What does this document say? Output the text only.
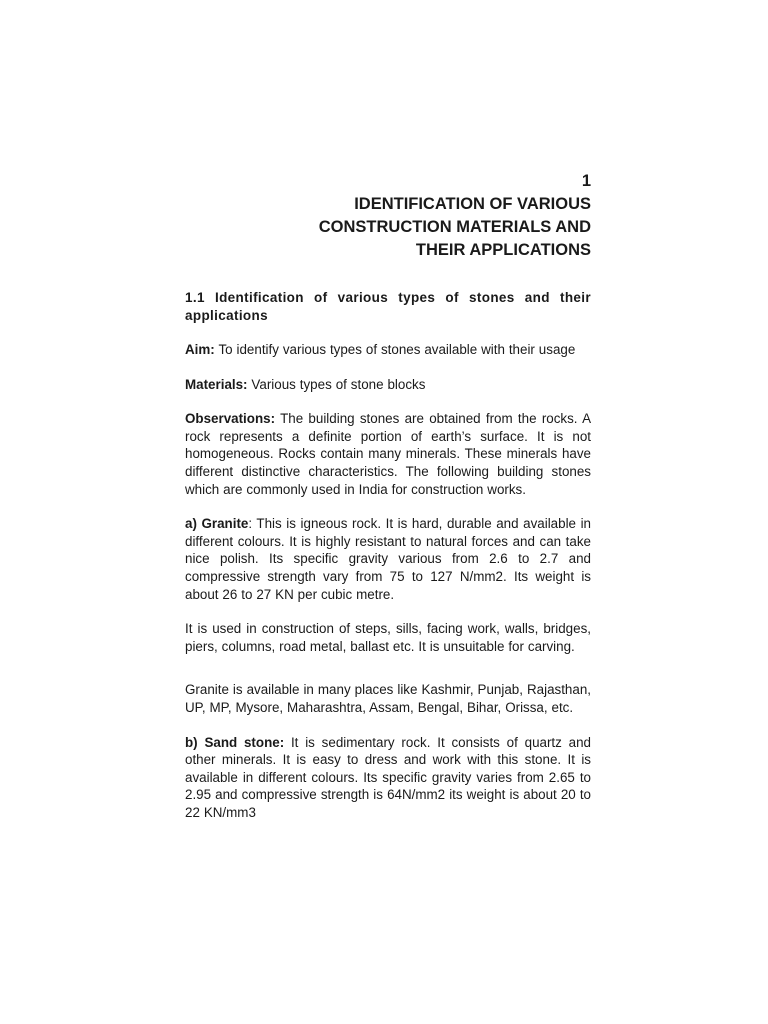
1
IDENTIFICATION OF VARIOUS
CONSTRUCTION MATERIALS AND
THEIR APPLICATIONS
1.1 Identification of various types of stones and their applications

Aim: To identify various types of stones available with their usage

Materials: Various types of stone blocks

Observations: The building stones are obtained from the rocks. A rock represents a definite portion of earth’s surface. It is not homogeneous. Rocks contain many minerals. These minerals have different distinctive characteristics. The following building stones which are commonly used in India for construction works.

a) Granite: This is igneous rock. It is hard, durable and available in different colours. It is highly resistant to natural forces and can take nice polish. Its specific gravity various from 2.6 to 2.7 and compressive strength vary from 75 to 127 N/mm2. Its weight is about 26 to 27 KN per cubic metre.

It is used in construction of steps, sills, facing work, walls, bridges, piers, columns, road metal, ballast etc. It is unsuitable for carving.

Granite is available in many places like Kashmir, Punjab, Rajasthan, UP, MP, Mysore, Maharashtra, Assam, Bengal, Bihar, Orissa, etc.

b) Sand stone: It is sedimentary rock. It consists of quartz and other minerals. It is easy to dress and work with this stone. It is available in different colours. Its specific gravity varies from 2.65 to 2.95 and compressive strength is 64N/mm2 its weight is about 20 to 22 KN/mm3
